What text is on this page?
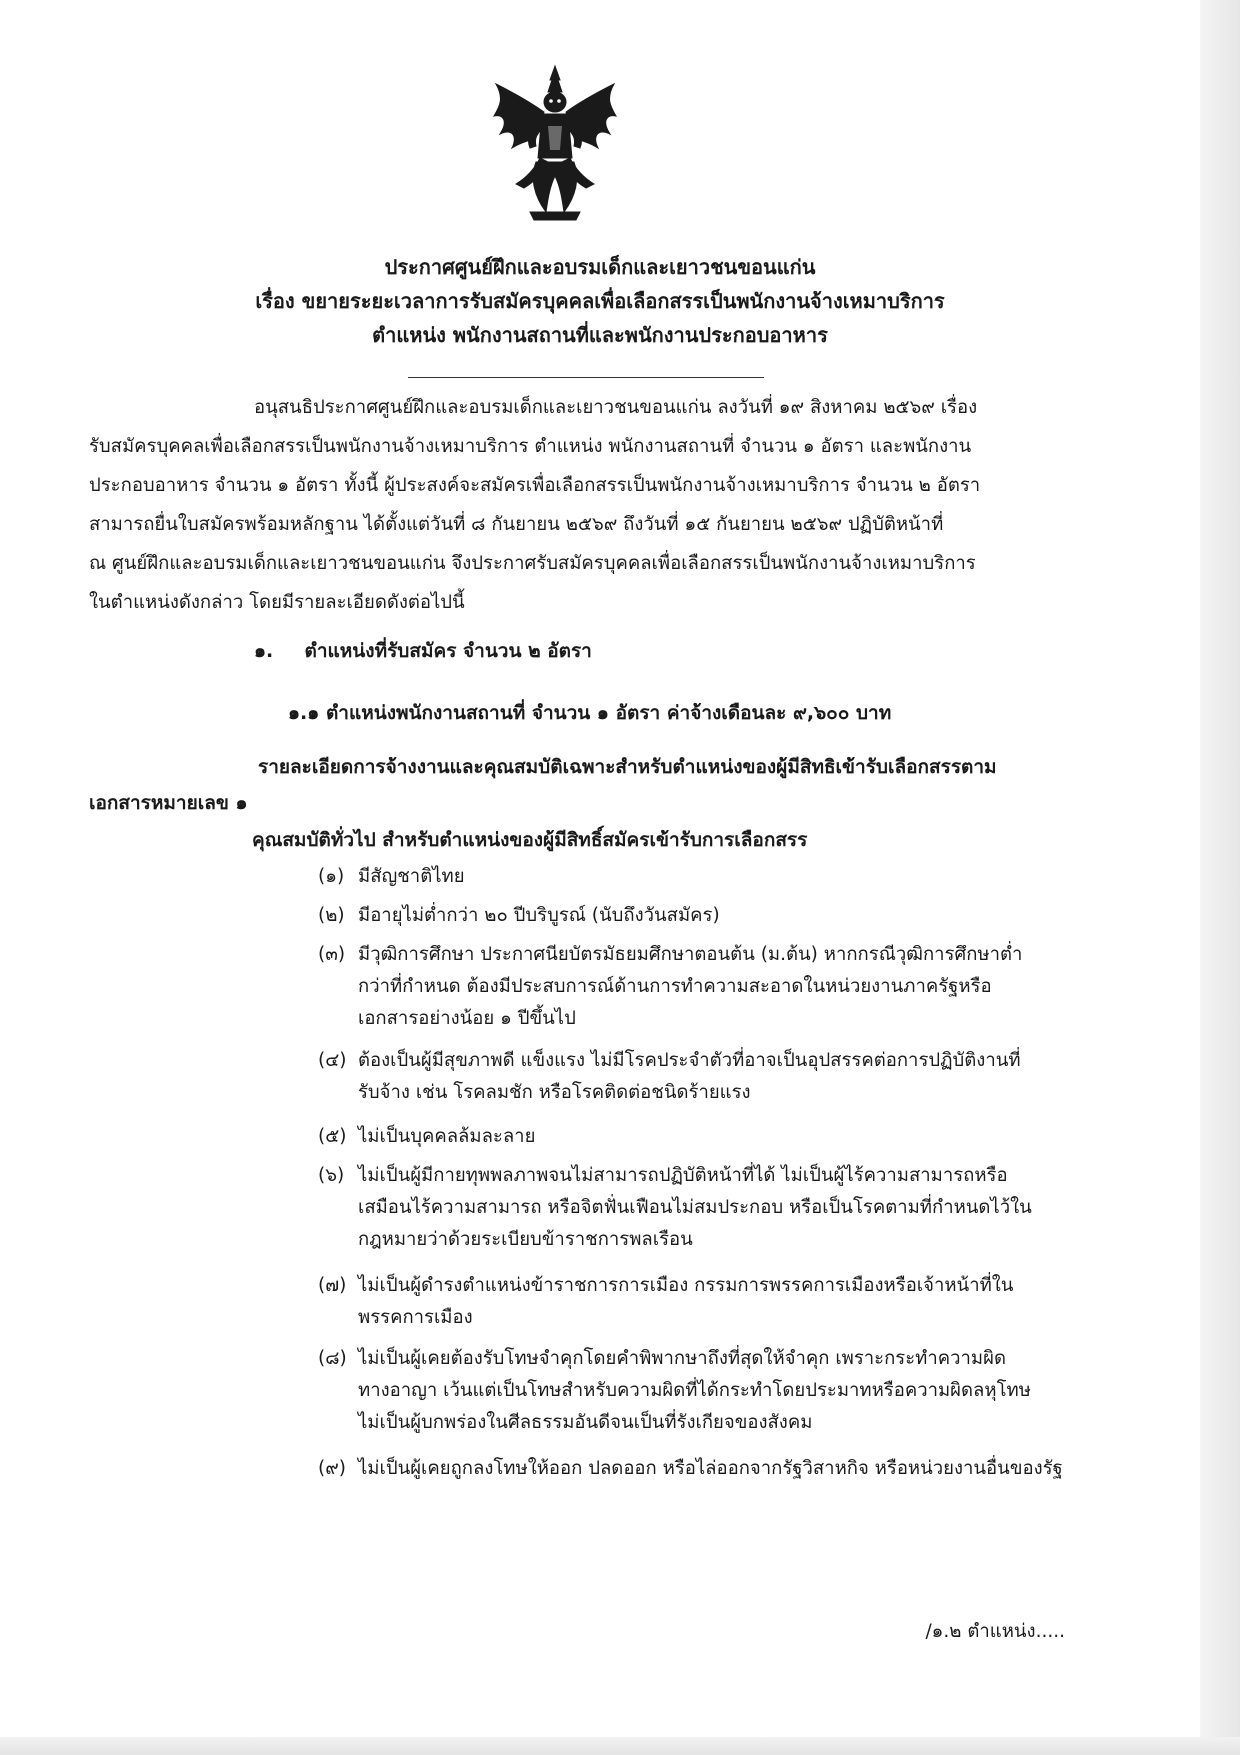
ประกาศศูนย์ฝึกและอบรมเด็กและเยาวชนขอนแก่น
เรื่อง ขยายระยะเวลาการรับสมัครบุคคลเพื่อเลือกสรรเป็นพนักงานจ้างเหมาบริการ
ตำแหน่ง พนักงานสถานที่และพนักงานประกอบอาหาร
อนุสนธิประกาศศูนย์ฝึกและอบรมเด็กและเยาวชนขอนแก่น ลงวันที่ ๑๙ สิงหาคม ๒๕๖๙ เรื่อง
รับสมัครบุคคลเพื่อเลือกสรรเป็นพนักงานจ้างเหมาบริการ ตำแหน่ง พนักงานสถานที่ จำนวน ๑ อัตรา และพนักงาน
ประกอบอาหาร จำนวน ๑ อัตรา ทั้งนี้ ผู้ประสงค์จะสมัครเพื่อเลือกสรรเป็นพนักงานจ้างเหมาบริการ จำนวน ๒ อัตรา
สามารถยื่นใบสมัครพร้อมหลักฐาน ได้ตั้งแต่วันที่ ๘ กันยายน ๒๕๖๙ ถึงวันที่ ๑๕ กันยายน ๒๕๖๙ ปฏิบัติหน้าที่
ณ ศูนย์ฝึกและอบรมเด็กและเยาวชนขอนแก่น จึงประกาศรับสมัครบุคคลเพื่อเลือกสรรเป็นพนักงานจ้างเหมาบริการ
ในตำแหน่งดังกล่าว โดยมีรายละเอียดดังต่อไปนี้
๑. ตำแหน่งที่รับสมัคร จำนวน ๒ อัตรา
๑.๑ ตำแหน่งพนักงานสถานที่ จำนวน ๑ อัตรา ค่าจ้างเดือนละ ๙,๖๐๐ บาท
รายละเอียดการจ้างงานและคุณสมบัติเฉพาะสำหรับตำแหน่งของผู้มีสิทธิเข้ารับเลือกสรรตาม
เอกสารหมายเลข ๑
คุณสมบัติทั่วไป สำหรับตำแหน่งของผู้มีสิทธิ์สมัครเข้ารับการเลือกสรร
(๑) มีสัญชาติไทย
(๒) มีอายุไม่ต่ำกว่า ๒๐ ปีบริบูรณ์ (นับถึงวันสมัคร)
(๓) มีวุฒิการศึกษา ประกาศนียบัตรมัธยมศึกษาตอนต้น (ม.ต้น) หากกรณีวุฒิการศึกษาต่ำ
กว่าที่กำหนด ต้องมีประสบการณ์ด้านการทำความสะอาดในหน่วยงานภาครัฐหรือ
เอกสารอย่างน้อย ๑ ปีขึ้นไป
(๔) ต้องเป็นผู้มีสุขภาพดี แข็งแรง ไม่มีโรคประจำตัวที่อาจเป็นอุปสรรคต่อการปฏิบัติงานที่
รับจ้าง เช่น โรคลมชัก หรือโรคติดต่อชนิดร้ายแรง
(๕) ไม่เป็นบุคคลล้มละลาย
(๖) ไม่เป็นผู้มีกายทุพพลภาพจนไม่สามารถปฏิบัติหน้าที่ได้ ไม่เป็นผู้ไร้ความสามารถหรือ
เสมือนไร้ความสามารถ หรือจิตฟั่นเฟือนไม่สมประกอบ หรือเป็นโรคตามที่กำหนดไว้ใน
กฎหมายว่าด้วยระเบียบข้าราชการพลเรือน
(๗) ไม่เป็นผู้ดำรงตำแหน่งข้าราชการการเมือง กรรมการพรรคการเมืองหรือเจ้าหน้าที่ใน
พรรคการเมือง
(๘) ไม่เป็นผู้เคยต้องรับโทษจำคุกโดยคำพิพากษาถึงที่สุดให้จำคุก เพราะกระทำความผิด
ทางอาญา เว้นแต่เป็นโทษสำหรับความผิดที่ได้กระทำโดยประมาทหรือความผิดลหุโทษ
ไม่เป็นผู้บกพร่องในศีลธรรมอันดีจนเป็นที่รังเกียจของสังคม
(๙) ไม่เป็นผู้เคยถูกลงโทษให้ออก ปลดออก หรือไล่ออกจากรัฐวิสาหกิจ หรือหน่วยงานอื่นของรัฐ
/๑.๒ ตำแหน่ง.....
